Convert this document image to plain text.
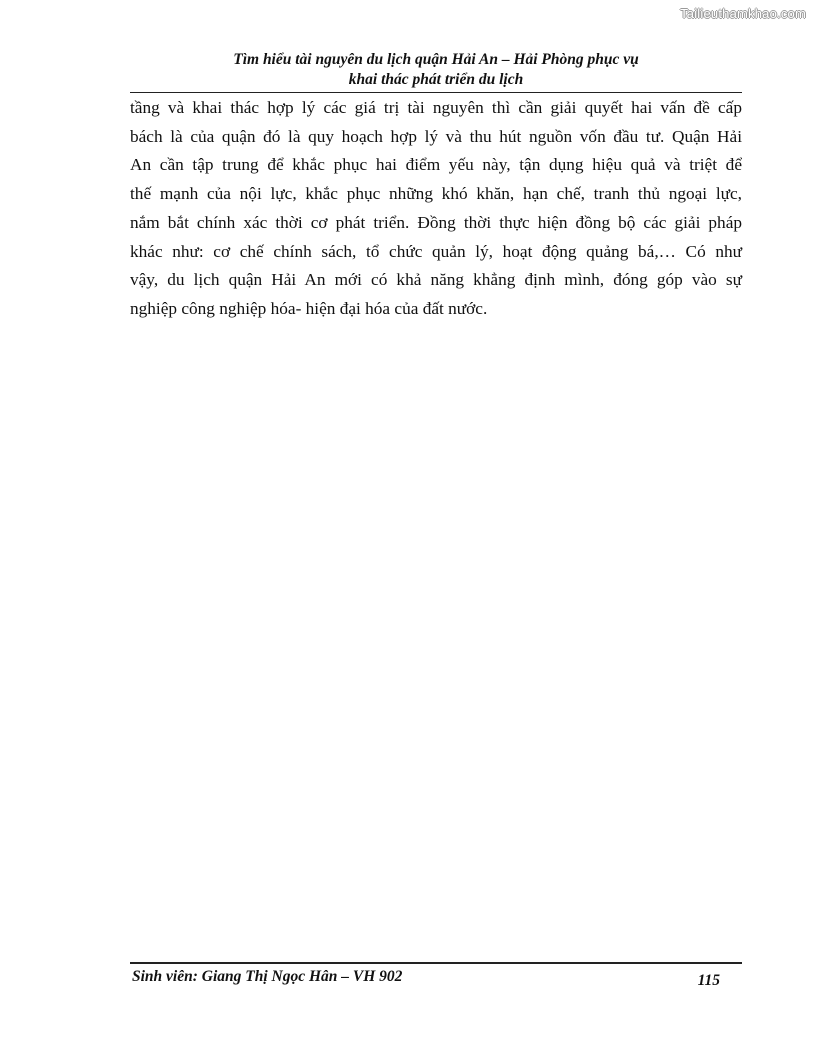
Tailieuthamkhao.com
Tìm hiểu tài nguyên du lịch quận Hải An – Hải Phòng phục vụ
khai thác phát triển du lịch
tầng và khai thác hợp lý các giá trị tài nguyên thì cần giải quyết hai vấn đề cấp
bách là của quận đó là quy hoạch hợp lý và thu hút nguồn vốn đầu tư. Quận Hải
An cần tập trung để khắc phục hai điểm yếu này, tận dụng hiệu quả và triệt để
thế mạnh của nội lực, khắc phục những khó khăn, hạn chế, tranh thủ ngoại lực,
nắm bắt chính xác thời cơ phát triển. Đồng thời thực hiện đồng bộ các giải pháp
khác như: cơ chế chính sách, tổ chức quản lý, hoạt động quảng bá,… Có như
vậy, du lịch quận Hải An mới có khả năng khẳng định mình, đóng góp vào sự
nghiệp công nghiệp hóa- hiện đại hóa của đất nước.
Sinh viên: Giang Thị Ngọc Hân – VH 902	115
